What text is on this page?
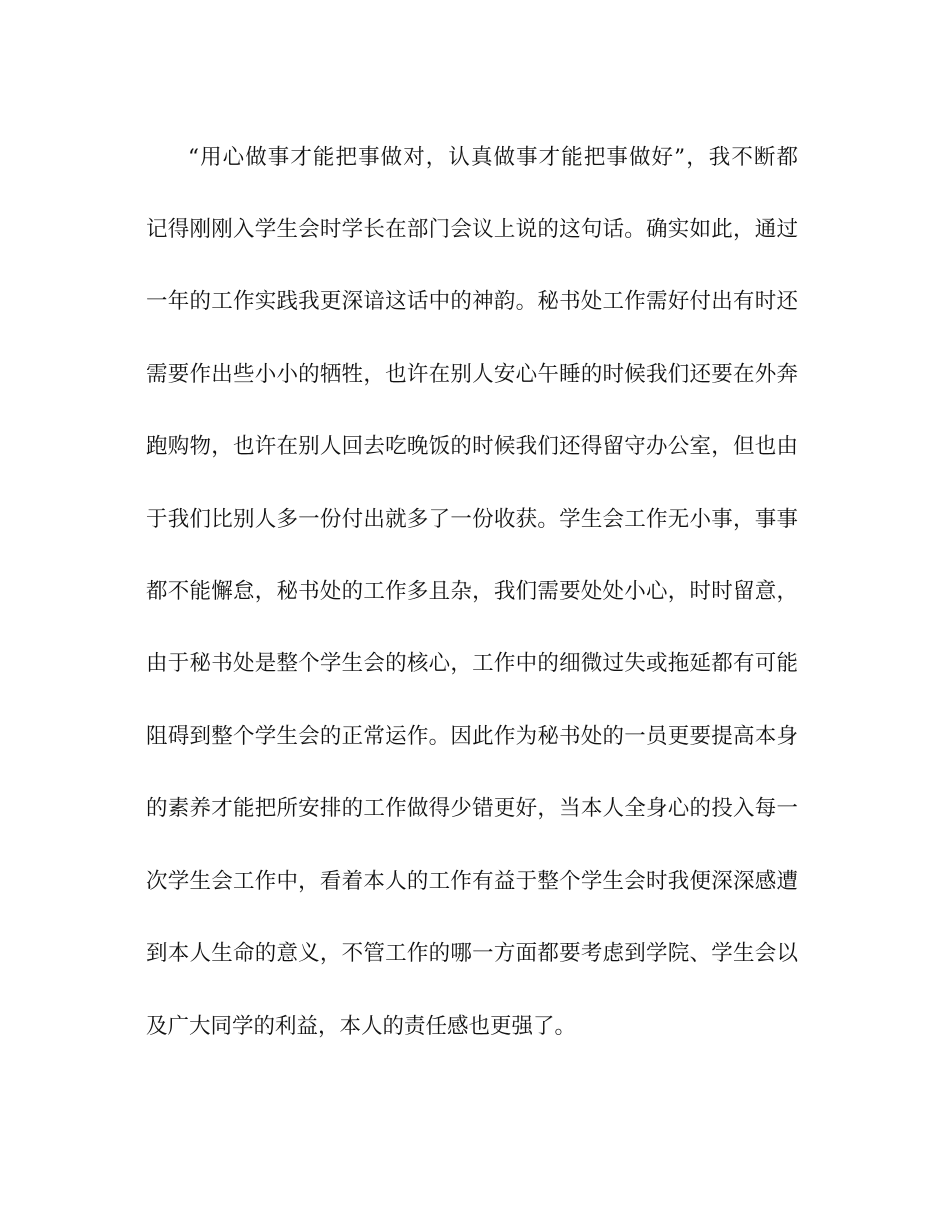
“用心做事才能把事做对，认真做事才能把事做好”，我不断都
记得刚刚入学生会时学长在部门会议上说的这句话。确实如此，通过
一年的工作实践我更深谙这话中的神韵。秘书处工作需好付出有时还
需要作出些小小的牺牲，也许在别人安心午睡的时候我们还要在外奔
跑购物，也许在别人回去吃晚饭的时候我们还得留守办公室，但也由
于我们比别人多一份付出就多了一份收获。学生会工作无小事，事事
都不能懈怠，秘书处的工作多且杂，我们需要处处小心，时时留意，
由于秘书处是整个学生会的核心，工作中的细微过失或拖延都有可能
阻碍到整个学生会的正常运作。因此作为秘书处的一员更要提高本身
的素养才能把所安排的工作做得少错更好，当本人全身心的投入每一
次学生会工作中，看着本人的工作有益于整个学生会时我便深深感遭
到本人生命的意义，不管工作的哪一方面都要考虑到学院、学生会以
及广大同学的利益，本人的责任感也更强了。
